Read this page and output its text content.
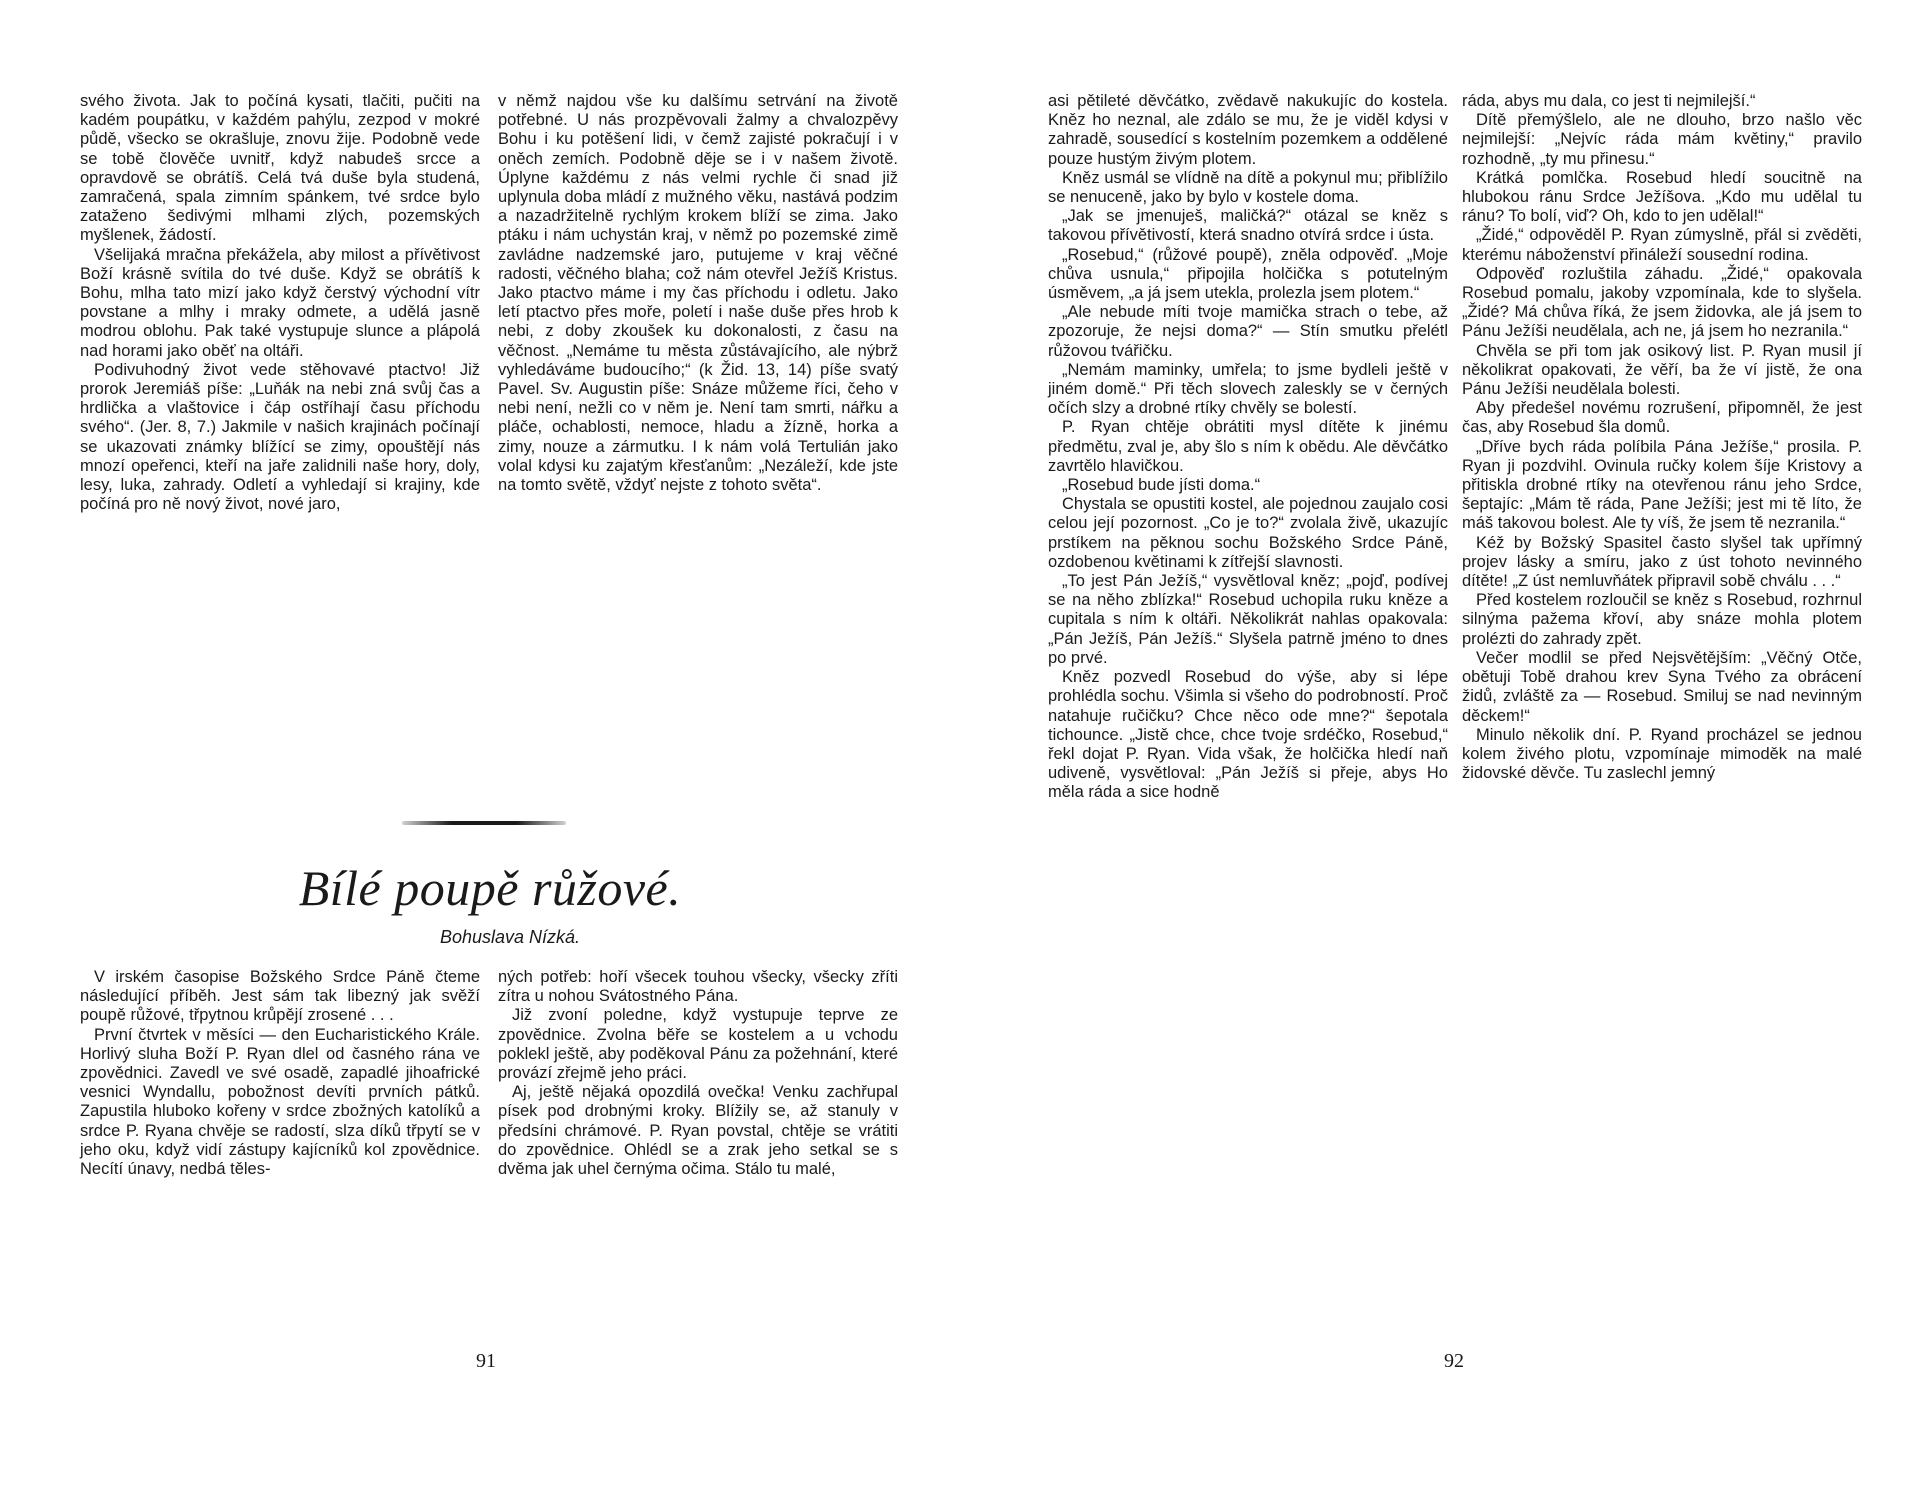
svého života. Jak to počíná kysati, tlačiti, pučiti na kadém poupátku, v každém pahýlu, zezpod v mokré půdě, všecko se okrašluje, znovu žije. Podobně vede se tobě člověče uvnitř, když nabudeš srcce a opravdově se obrátíš. Celá tvá duše byla studená, zamračená, spala zimním spánkem, tvé srdce bylo zataženo šedivými mlhami zlých, pozemských myšlenek, žádostí.

Všelijaká mračna překážela, aby milost a přívětivost Boží krásně svítila do tvé duše. Když se obrátíš k Bohu, mlha tato mizí jako když čerstvý východní vítr povstane a mlhy i mraky odmete, a udělá jasně modrou oblohu. Pak také vystupuje slunce a plápolá nad horami jako oběť na oltáři.

Podivuhodný život vede stěhovavé ptactvo! Již prorok Jeremiáš píše: „Luňák na nebi zná svůj čas a hrdlička a vlaštovice i čáp ostříhají času příchodu svého“. (Jer. 8, 7.) Jakmile v našich krajinách počínají se ukazovati známky blížící se zimy, opouštějí nás mnozí opeřenci, kteří na jaře zalidnili naše hory, doly, lesy, luka, zahrady. Odletí a vyhledají si krajiny, kde počíná pro ně nový život, nové jaro,

v němž najdou vše ku dalšímu setrvání na životě potřebné. U nás prozpěvovali žalmy a chvalozpěvy Bohu i ku potěšení lidi, v čemž zajisté pokračují i v oněch zemích. Podobně děje se i v našem životě. Úplyne každému z nás velmi rychle či snad již uplynula doba mládí z mužného věku, nastává podzim a nazadržitelně rychlým krokem blíží se zima. Jako ptáku i nám uchystán kraj, v němž po pozemské zimě zavládne nadzemské jaro, putujeme v kraj věčné radosti, věčného blaha; což nám otevřel Ježíš Kristus. Jako ptactvo máme i my čas příchodu i odletu. Jako letí ptactvo přes moře, poletí i naše duše přes hrob k nebi, z doby zkoušek ku dokonalosti, z času na věčnost. „Nemáme tu města zůstávajícího, ale nýbrž vyhledáváme budoucího;“ (k Žid. 13, 14) píše svatý Pavel. Sv. Augustin píše: Snáze můžeme říci, čeho v nebi není, nežli co v něm je. Není tam smrti, nářku a pláče, ochablosti, nemoce, hladu a žízně, horka a zimy, nouze a zármutku. I k nám volá Tertulián jako volal kdysi ku zajatým křesťanům: „Nezáleží, kde jste na tomto světě, vždyť nejste z tohoto světa“.

Bílé poupě růžové.
Bohuslava Nízká.

V irském časopise Božského Srdce Páně čteme následující příběh. Jest sám tak libezný jak svěží poupě růžové, třpytnou krůpějí zrosené . . .

První čtvrtek v měsíci — den Eucharistického Krále. Horlivý sluha Boží P. Ryan dlel od časného rána ve zpovědnici. Zavedl ve své osadě, zapadlé jihoafrické vesnici Wyndallu, pobožnost devíti prvních pátků. Zapustila hluboko kořeny v srdce zbožných katolíků a srdce P. Ryana chvěje se radostí, slza díků třpytí se v jeho oku, když vidí zástupy kajícníků kol zpovědnice. Necítí únavy, nedbá těles-

ných potřeb: hoří všecek touhou všecky, všecky zříti zítra u nohou Svátostného Pána.

Již zvoní poledne, když vystupuje teprve ze zpovědnice. Zvolna běře se kostelem a u vchodu poklekl ještě, aby poděkoval Pánu za požehnání, které provází zřejmě jeho práci.

Aj, ještě nějaká opozdilá ovečka! Venku zachřupal písek pod drobnými kroky. Blížily se, až stanuly v předsíni chrámové. P. Ryan povstal, chtěje se vrátiti do zpovědnice. Ohlédl se a zrak jeho setkal se s dvěma jak uhel černýma očima. Stálo tu malé,

91

asi pětileté děvčátko, zvědavě nakukujíc do kostela. Kněz ho neznal, ale zdálo se mu, že je viděl kdysi v zahradě, sousedící s kostelním pozemkem a oddělené pouze hustým živým plotem.

Kněz usmál se vlídně na dítě a pokynul mu; přiblížilo se nenuceně, jako by bylo v kostele doma.

„Jak se jmenuješ, maličká?“ otázal se kněz s takovou přívětivostí, která snadno otvírá srdce i ústa.

„Rosebud,“ (růžové poupě), zněla odpověď. „Moje chůva usnula,“ připojila holčička s potutelným úsměvem, „a já jsem utekla, prolezla jsem plotem.“

„Ale nebude míti tvoje mamička strach o tebe, až zpozoruje, že nejsi doma?“ — Stín smutku přelétl růžovou tvářičku.

„Nemám maminky, umřela; to jsme bydleli ještě v jiném domě.“ Při těch slovech zaleskly se v černých očích slzy a drobné rtíky chvěly se bolestí.

P. Ryan chtěje obrátiti mysl dítěte k jinému předmětu, zval je, aby šlo s ním k obědu. Ale děvčátko zavrtělo hlavičkou.

„Rosebud bude jísti doma.“

Chystala se opustiti kostel, ale pojednou zaujalo cosi celou její pozornost. „Co je to?“ zvolala živě, ukazujíc prstíkem na pěknou sochu Božského Srdce Páně, ozdobenou květinami k zítřejší slavnosti.

„To jest Pán Ježíš,“ vysvětloval kněz; „pojď, podívej se na něho zblízka!“ Rosebud uchopila ruku kněze a cupitala s ním k oltáři. Několikrát nahlas opakovala: „Pán Ježíš, Pán Ježíš.“ Slyšela patrně jméno to dnes po prvé.

Kněz pozvedl Rosebud do výše, aby si lépe prohlédla sochu. Všimla si všeho do podrobností. Proč natahuje ručičku? Chce něco ode mne?“ šepotala tichounce. „Jistě chce, chce tvoje srdéčko, Rosebud,“ řekl dojat P. Ryan. Vida však, že holčička hledí naň udiveně, vysvětloval: „Pán Ježíš si přeje, abys Ho měla ráda a sice hodně

ráda, abys mu dala, co jest ti nejmilejší.“

Dítě přemýšlelo, ale ne dlouho, brzo našlo věc nejmilejší: „Nejvíc ráda mám květiny,“ pravilo rozhodně, „ty mu přinesu.“

Krátká pomlčka. Rosebud hledí soucitně na hlubokou ránu Srdce Ježíšova. „Kdo mu udělal tu ránu? To bolí, viď? Oh, kdo to jen udělal!“

„Židé,“ odpověděl P. Ryan zúmyslně, přál si zvěděti, kterému náboženství přináleží sousední rodina.

Odpověď rozluštila záhadu. „Židé,“ opakovala Rosebud pomalu, jakoby vzpomínala, kde to slyšela. „Židé? Má chůva říká, že jsem židovka, ale já jsem to Pánu Ježíši neudělala, ach ne, já jsem ho nezranila.“

Chvěla se při tom jak osikový list. P. Ryan musil jí několikrat opakovati, že věří, ba že ví jistě, že ona Pánu Ježíši neudělala bolesti.

Aby předešel novému rozrušení, připomněl, že jest čas, aby Rosebud šla domů.

„Dříve bych ráda políbila Pána Ježíše,“ prosila. P. Ryan ji pozdvihl. Ovinula ručky kolem šíje Kristovy a přitiskla drobné rtíky na otevřenou ránu jeho Srdce, šeptajíc: „Mám tě ráda, Pane Ježíši; jest mi tě líto, že máš takovou bolest. Ale ty víš, že jsem tě nezranila.“

Kéž by Božský Spasitel často slyšel tak upřímný projev lásky a smíru, jako z úst tohoto nevinného dítěte! „Z úst nemluvňátek připravil sobě chválu . . .“

Před kostelem rozloučil se kněz s Rosebud, rozhrnul silnýma pažema křoví, aby snáze mohla plotem prolézti do zahrady zpět.

Večer modlil se před Nejsvětějším: „Věčný Otče, obětuji Tobě drahou krev Syna Tvého za obrácení židů, zvláště za — Rosebud. Smiluj se nad nevinným děckem!“

Minulo několik dní. P. Ryand procházel se jednou kolem živého plotu, vzpomínaje mimoděk na malé židovské děvče. Tu zaslechl jemný

92
